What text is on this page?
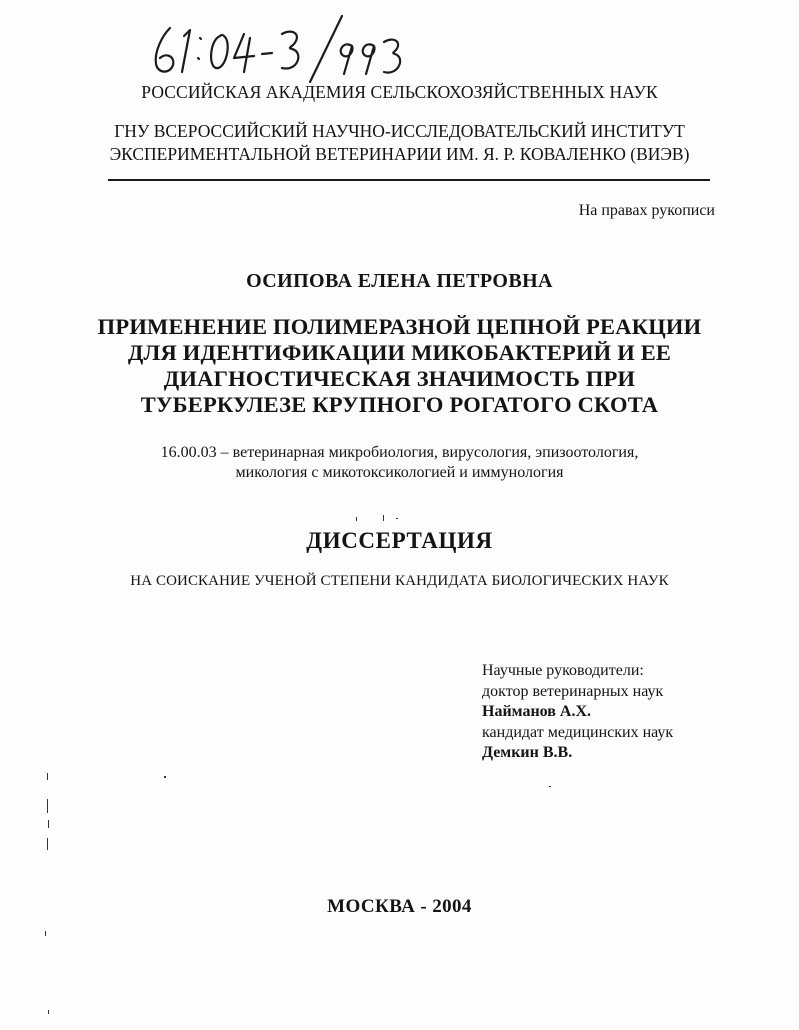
РОССИЙСКАЯ АКАДЕМИЯ СЕЛЬСКОХОЗЯЙСТВЕННЫХ НАУК
ГНУ ВСЕРОССИЙСКИЙ НАУЧНО-ИССЛЕДОВАТЕЛЬСКИЙ ИНСТИТУТ
ЭКСПЕРИМЕНТАЛЬНОЙ ВЕТЕРИНАРИИ ИМ. Я. Р. КОВАЛЕНКО (ВИЭВ)
На правах рукописи
ОСИПОВА ЕЛЕНА ПЕТРОВНА
ПРИМЕНЕНИЕ ПОЛИМЕРАЗНОЙ ЦЕПНОЙ РЕАКЦИИ
ДЛЯ ИДЕНТИФИКАЦИИ МИКОБАКТЕРИЙ И ЕЕ
ДИАГНОСТИЧЕСКАЯ ЗНАЧИМОСТЬ ПРИ
ТУБЕРКУЛЕЗЕ КРУПНОГО РОГАТОГО СКОТА
16.00.03 – ветеринарная микробиология, вирусология, эпизоотология,
микология с микотоксикологией и иммунология
ДИССЕРТАЦИЯ
НА СОИСКАНИЕ УЧЕНОЙ СТЕПЕНИ КАНДИДАТА БИОЛОГИЧЕСКИХ НАУК
Научные руководители:
доктор ветеринарных наук
Найманов А.Х.
кандидат медицинских наук
Демкин В.В.
МОСКВА - 2004
